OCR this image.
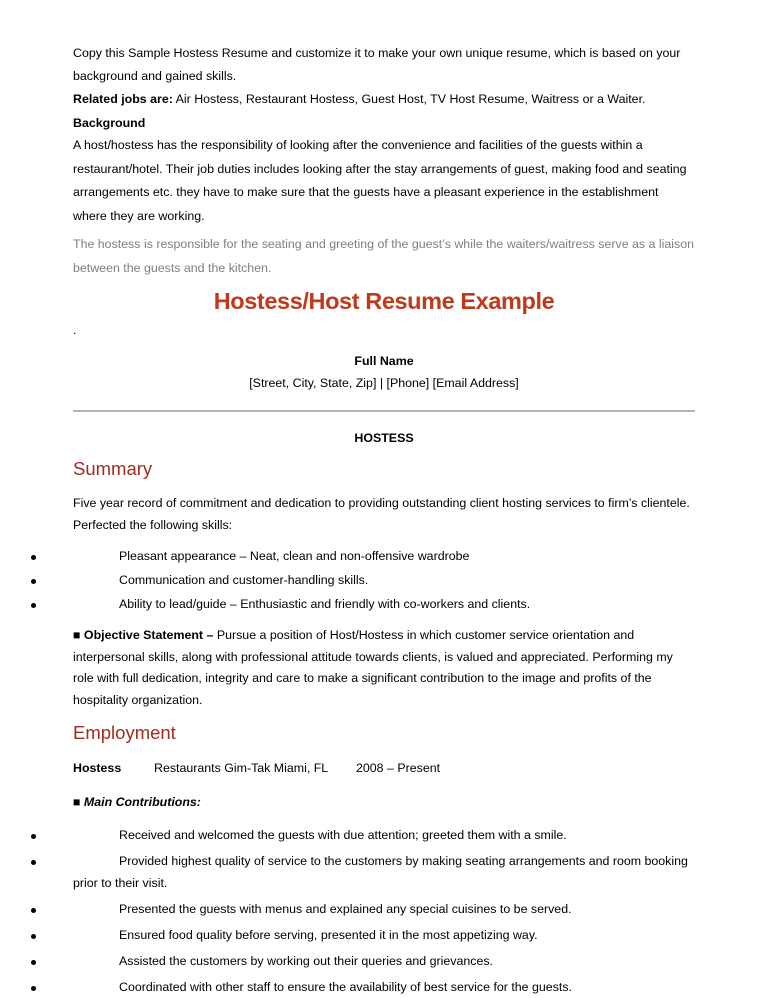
Copy this Sample Hostess Resume and customize it to make your own unique resume, which is based on your background and gained skills.

Related jobs are: Air Hostess, Restaurant Hostess, Guest Host, TV Host Resume, Waitress or a Waiter.

Background

A host/hostess has the responsibility of looking after the convenience and facilities of the guests within a restaurant/hotel. Their job duties includes looking after the stay arrangements of guest, making food and seating arrangements etc. they have to make sure that the guests have a pleasant experience in the establishment where they are working.

The hostess is responsible for the seating and greeting of the guest’s while the waiters/waitress serve as a liaison between the guests and the kitchen.

Hostess/Host Resume Example

.

Full Name

[Street, City, State, Zip] | [Phone] [Email Address]

HOSTESS

Summary

Five year record of commitment and dedication to providing outstanding client hosting services to firm’s clientele. Perfected the following skills:

Pleasant appearance – Neat, clean and non-offensive wardrobe
Communication and customer-handling skills.
Ability to lead/guide – Enthusiastic and friendly with co-workers and clients.

■ Objective Statement – Pursue a position of Host/Hostess in which customer service orientation and interpersonal skills, along with professional attitude towards clients, is valued and appreciated. Performing my role with full dedication, integrity and care to make a significant contribution to the image and profits of the hospitality organization.

Employment

Hostess	Restaurants Gim-Tak Miami, FL	2008 – Present

■ Main Contributions:

Received and welcomed the guests with due attention; greeted them with a smile.
Provided highest quality of service to the customers by making seating arrangements and room booking prior to their visit.
Presented the guests with menus and explained any special cuisines to be served.
Ensured food quality before serving, presented it in the most appetizing way.
Assisted the customers by working out their queries and grievances.
Coordinated with other staff to ensure the availability of best service for the guests.
